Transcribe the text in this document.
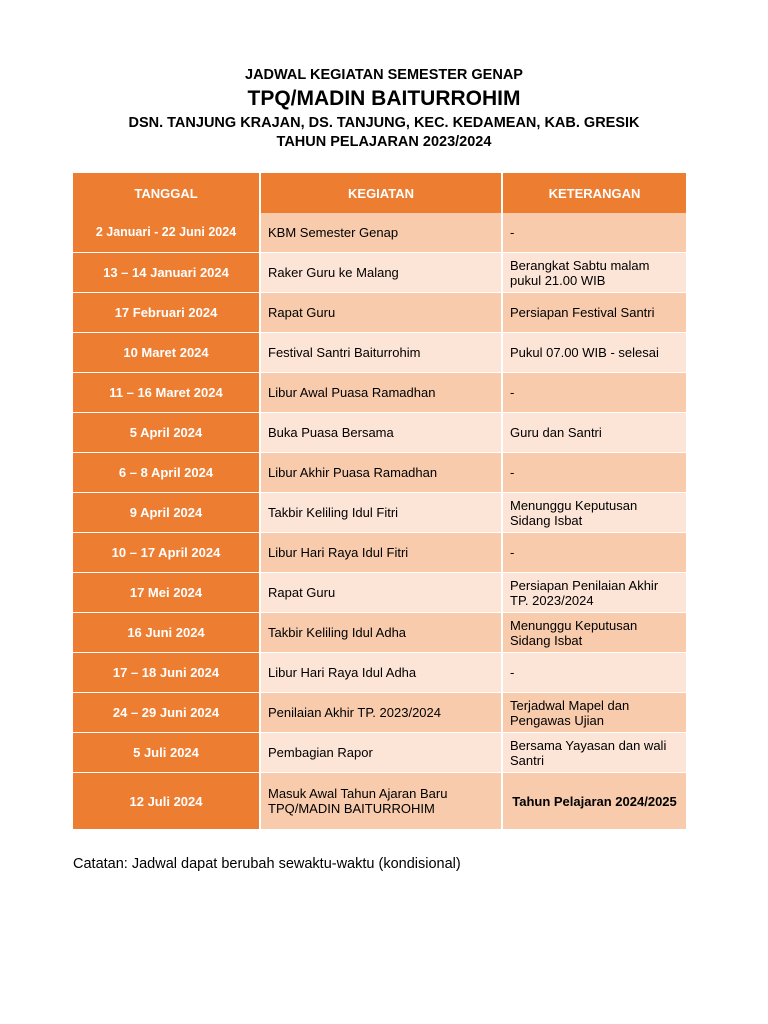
JADWAL KEGIATAN SEMESTER GENAP
TPQ/MADIN BAITURROHIM
DSN. TANJUNG KRAJAN, DS. TANJUNG, KEC. KEDAMEAN, KAB. GRESIK
TAHUN PELAJARAN 2023/2024
TANGGAL	KEGIATAN	KETERANGAN
2 Januari - 22 Juni 2024	KBM Semester Genap	-
13 – 14 Januari 2024	Raker Guru ke Malang	Berangkat Sabtu malam pukul 21.00 WIB
17 Februari 2024	Rapat Guru	Persiapan Festival Santri
10 Maret 2024	Festival Santri Baiturrohim	Pukul 07.00 WIB - selesai
11 – 16 Maret 2024	Libur Awal Puasa Ramadhan	-
5 April 2024	Buka Puasa Bersama	Guru dan Santri
6 – 8 April 2024	Libur Akhir Puasa Ramadhan	-
9 April 2024	Takbir Keliling Idul Fitri	Menunggu Keputusan Sidang Isbat
10 – 17 April 2024	Libur Hari Raya Idul Fitri	-
17 Mei 2024	Rapat Guru	Persiapan Penilaian Akhir TP. 2023/2024
16 Juni 2024	Takbir Keliling Idul Adha	Menunggu Keputusan Sidang Isbat
17 – 18 Juni 2024	Libur Hari Raya Idul Adha	-
24 – 29 Juni 2024	Penilaian Akhir TP. 2023/2024	Terjadwal Mapel dan Pengawas Ujian
5 Juli 2024	Pembagian Rapor	Bersama Yayasan dan wali Santri
12 Juli 2024	Masuk Awal Tahun Ajaran Baru TPQ/MADIN BAITURROHIM	Tahun Pelajaran 2024/2025
Catatan: Jadwal dapat berubah sewaktu-waktu (kondisional)
